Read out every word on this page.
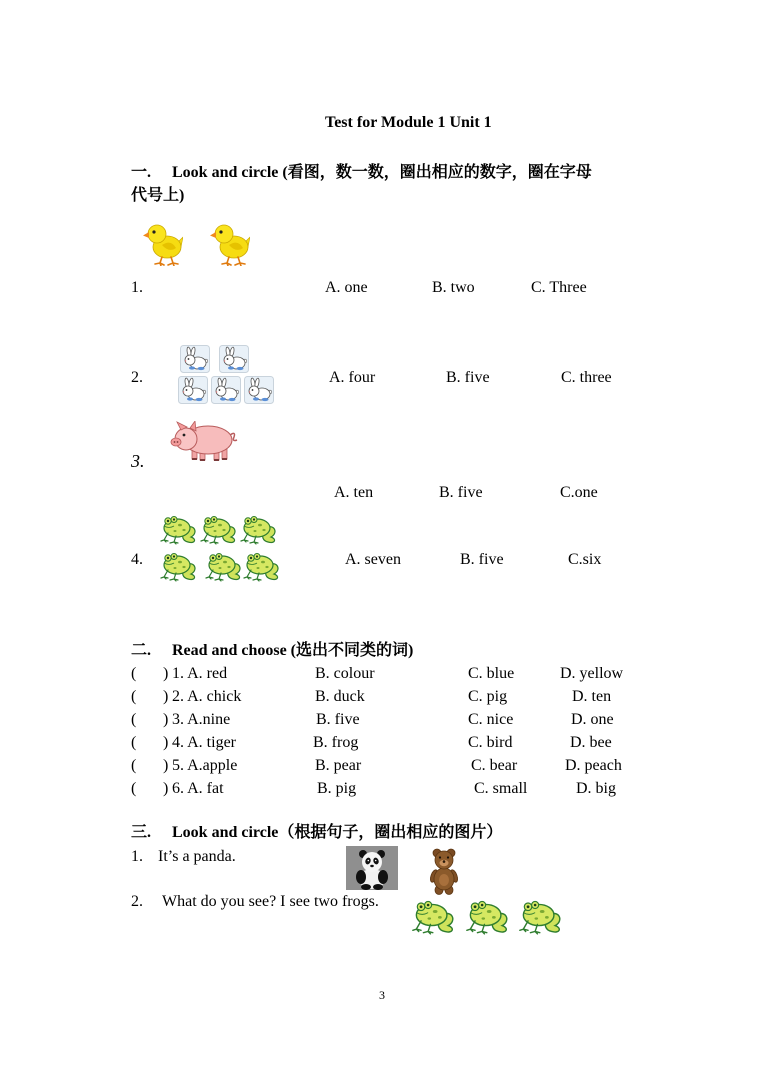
Test for Module 1 Unit 1
一. Look and circle (看图，数一数，圈出相应的数字，圈在字母
代号上)
1.	A. one	B. two	C. Three
2.	A. four	B. five	C. three
3.
A. ten	B. five	C.one
4.	A. seven	B. five	C.six
二. Read and choose (选出不同类的词)
( ) 1. A. red	B. colour	C. blue	D. yellow
( ) 2. A. chick	B. duck	C. pig	D. ten
( ) 3. A.nine	B. five	C. nice	D. one
( ) 4. A. tiger	B. frog	C. bird	D. bee
( ) 5. A.apple	B. pear	C. bear	D. peach
( ) 6. A. fat	B. pig	C. small	D. big
三. Look and circle（根据句子，圈出相应的图片）
1. It’s a panda.
2. What do you see? I see two frogs.
3
